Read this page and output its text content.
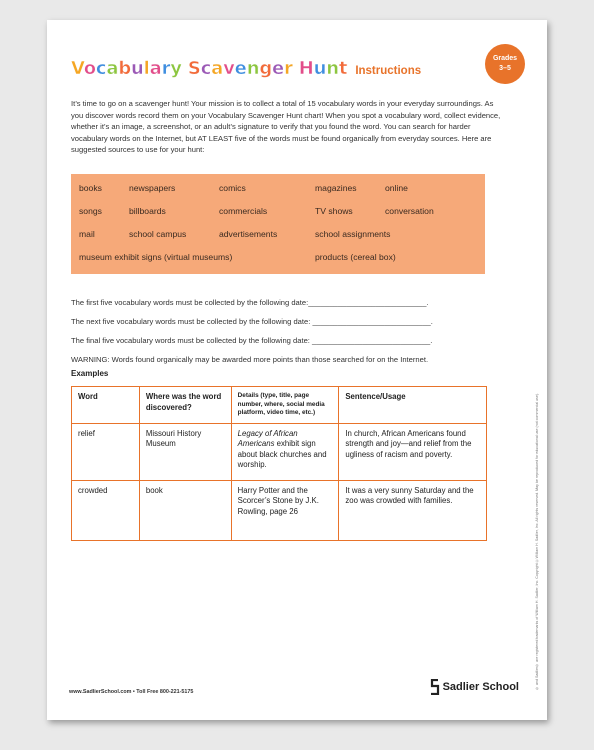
Vocabulary Scavenger Hunt Instructions
Grades
3–5
It’s time to go on a scavenger hunt! Your mission is to collect a total of 15 vocabulary words in your everyday surroundings. As you discover words record them on your Vocabulary Scavenger Hunt chart! When you spot a vocabulary word, collect evidence, whether it’s an image, a screenshot, or an adult’s signature to verify that you found the word. You can search for harder vocabulary words on the Internet, but AT LEAST five of the words must be found organically from everyday sources. Here are suggested sources to use for your hunt:
books	newspapers	comics	magazines	online
songs	billboards	commercials	TV shows	conversation
mail	school campus	advertisements	school assignments
museum exhibit signs (virtual museums)	products (cereal box)
The first five vocabulary words must be collected by the following date:____________________________.
The next five vocabulary words must be collected by the following date: ____________________________.
The final five vocabulary words must be collected by the following date: ____________________________.
WARNING: Words found organically may be awarded more points than those searched for on the Internet.
Examples
Word	Where was the word discovered?	Details (type, title, page number, where, social media platform, video time, etc.)	Sentence/Usage
relief	Missouri History Museum	Legacy of African Americans exhibit sign about black churches and worship.	In church, African Americans found strength and joy—and relief from the ugliness of racism and poverty.
crowded	book	Harry Potter and the Scorcer’s Stone by J.K. Rowling, page 26	It was a very sunny Saturday and the zoo was crowded with families.	® and Sadlier® are registered trademarks of William H. Sadlier, Inc. Copyright ©William H. Sadlier, Inc. All rights reserved. May be reproduced for educational use (not commercial use).
www.SadlierSchool.com • Toll Free 800-221-5175	Sadlier School
